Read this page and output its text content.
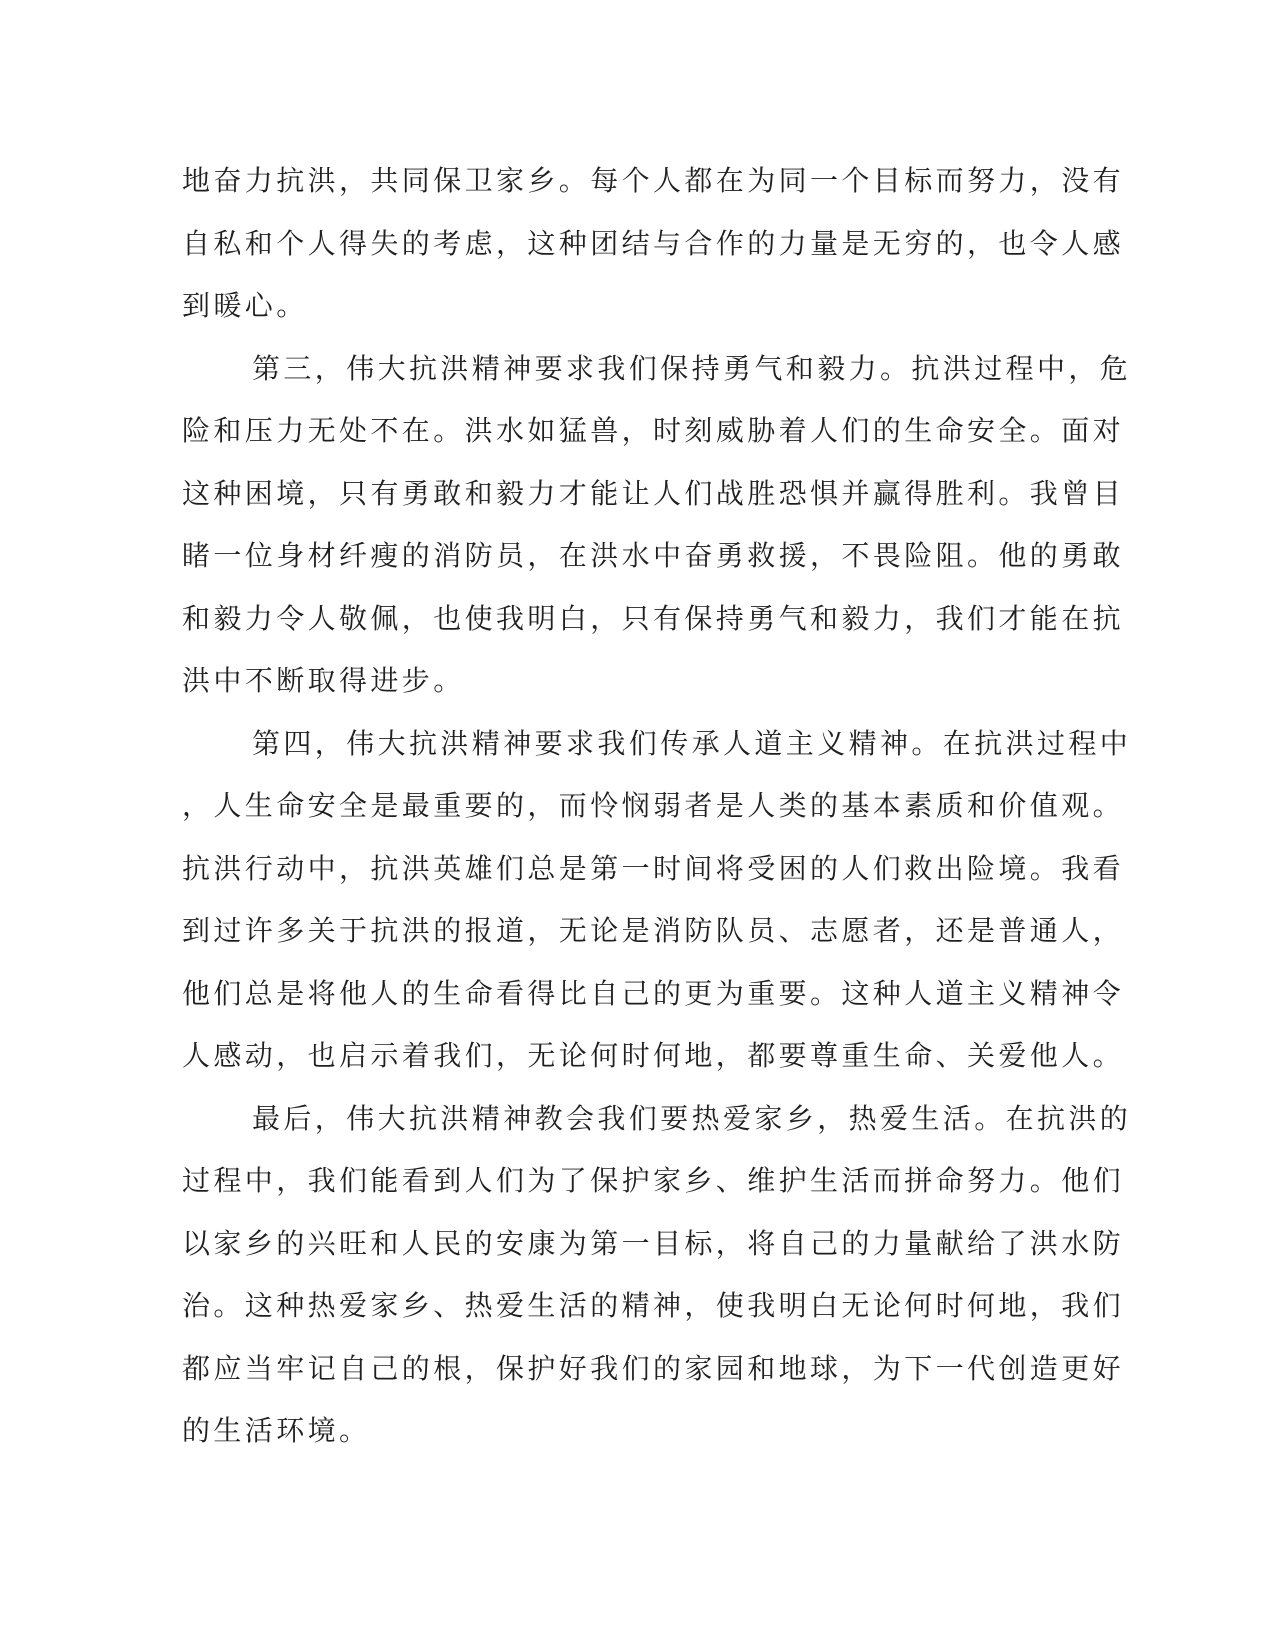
地奋力抗洪，共同保卫家乡。每个人都在为同一个目标而努力，没有
自私和个人得失的考虑，这种团结与合作的力量是无穷的，也令人感
到暖心。
第三，伟大抗洪精神要求我们保持勇气和毅力。抗洪过程中，危
险和压力无处不在。洪水如猛兽，时刻威胁着人们的生命安全。面对
这种困境，只有勇敢和毅力才能让人们战胜恐惧并赢得胜利。我曾目
睹一位身材纤瘦的消防员，在洪水中奋勇救援，不畏险阻。他的勇敢
和毅力令人敬佩，也使我明白，只有保持勇气和毅力，我们才能在抗
洪中不断取得进步。
第四，伟大抗洪精神要求我们传承人道主义精神。在抗洪过程中
，人生命安全是最重要的，而怜悯弱者是人类的基本素质和价值观。
抗洪行动中，抗洪英雄们总是第一时间将受困的人们救出险境。我看
到过许多关于抗洪的报道，无论是消防队员、志愿者，还是普通人，
他们总是将他人的生命看得比自己的更为重要。这种人道主义精神令
人感动，也启示着我们，无论何时何地，都要尊重生命、关爱他人。
最后，伟大抗洪精神教会我们要热爱家乡，热爱生活。在抗洪的
过程中，我们能看到人们为了保护家乡、维护生活而拼命努力。他们
以家乡的兴旺和人民的安康为第一目标，将自己的力量献给了洪水防
治。这种热爱家乡、热爱生活的精神，使我明白无论何时何地，我们
都应当牢记自己的根，保护好我们的家园和地球，为下一代创造更好
的生活环境。
